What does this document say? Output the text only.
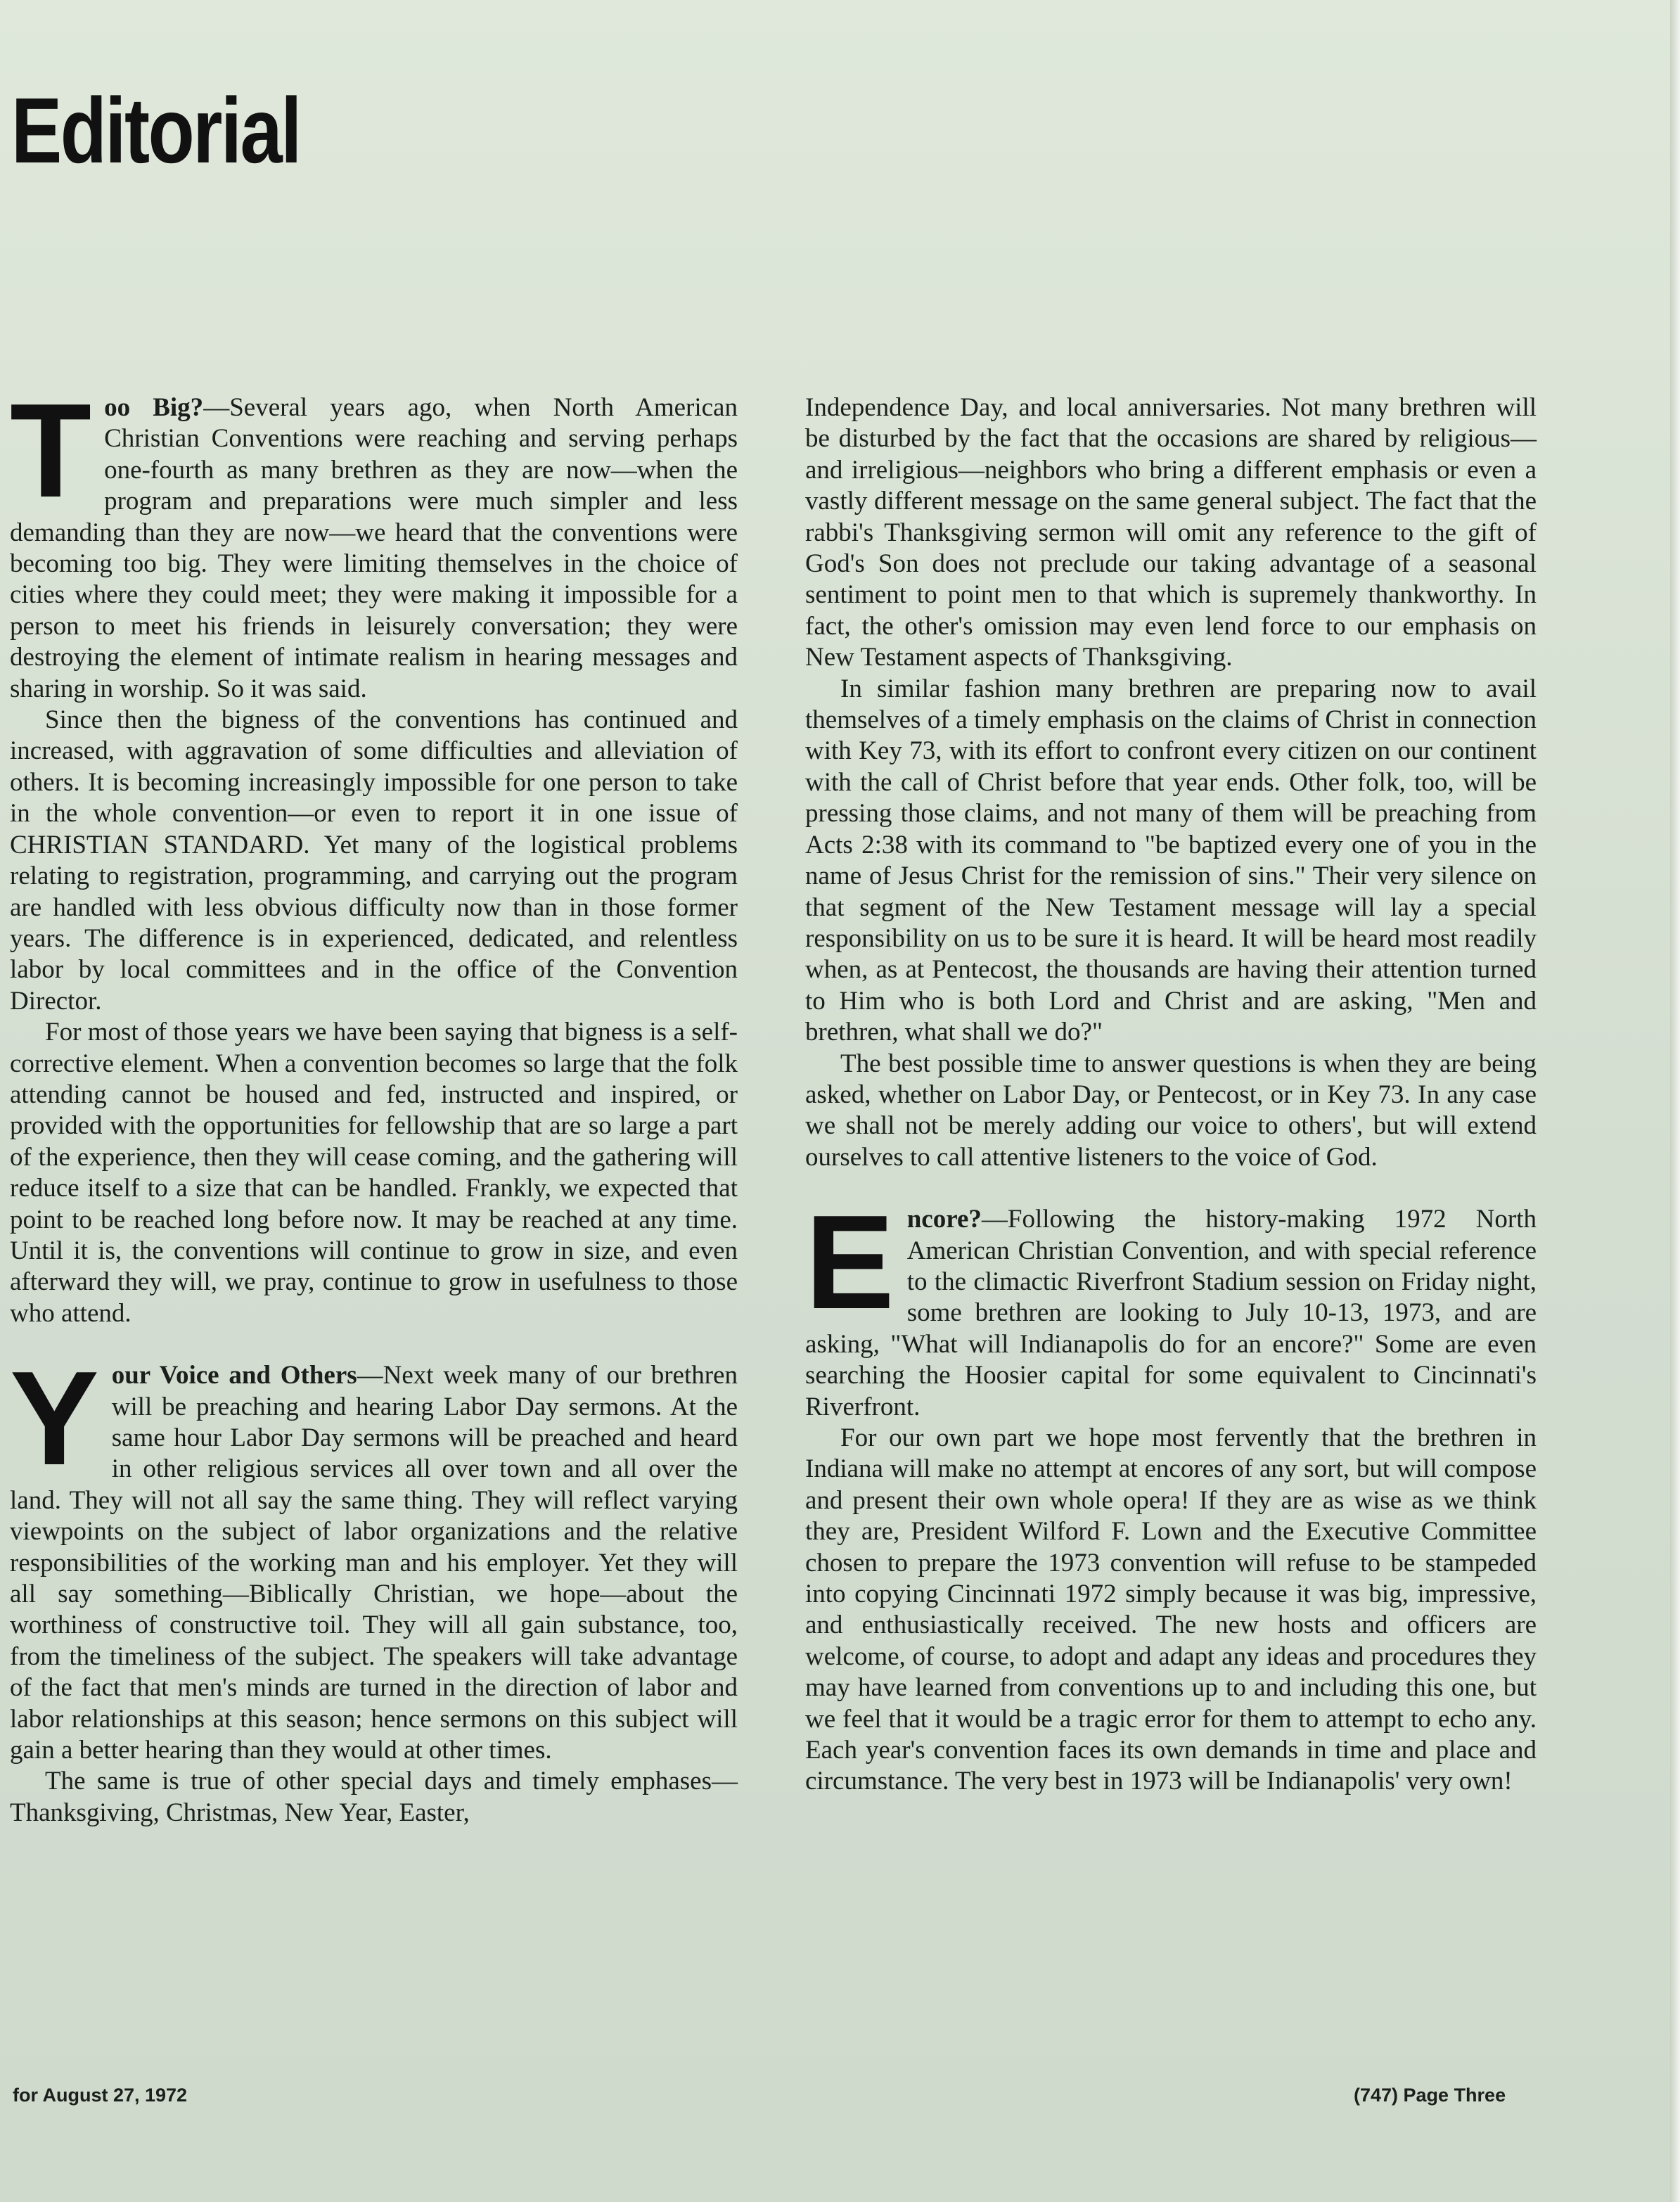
Editorial

Too Big?—Several years ago, when North American Christian Conventions were reaching and serving perhaps one-fourth as many brethren as they are now—when the program and preparations were much simpler and less demanding than they are now—we heard that the conventions were becoming too big. They were limiting themselves in the choice of cities where they could meet; they were making it impossible for a person to meet his friends in leisurely conversation; they were destroying the element of intimate realism in hearing messages and sharing in worship. So it was said.

Since then the bigness of the conventions has continued and increased, with aggravation of some difficulties and alleviation of others. It is becoming increasingly impossible for one person to take in the whole convention—or even to report it in one issue of CHRISTIAN STANDARD. Yet many of the logistical problems relating to registration, programming, and carrying out the program are handled with less obvious difficulty now than in those former years. The difference is in experienced, dedicated, and relentless labor by local committees and in the office of the Convention Director.

For most of those years we have been saying that bigness is a self-corrective element. When a convention becomes so large that the folk attending cannot be housed and fed, instructed and inspired, or provided with the opportunities for fellowship that are so large a part of the experience, then they will cease coming, and the gathering will reduce itself to a size that can be handled. Frankly, we expected that point to be reached long before now. It may be reached at any time. Until it is, the conventions will continue to grow in size, and even afterward they will, we pray, continue to grow in usefulness to those who attend.

Your Voice and Others—Next week many of our brethren will be preaching and hearing Labor Day sermons. At the same hour Labor Day sermons will be preached and heard in other religious services all over town and all over the land. They will not all say the same thing. They will reflect varying viewpoints on the subject of labor organizations and the relative responsibilities of the working man and his employer. Yet they will all say something—Biblically Christian, we hope—about the worthiness of constructive toil. They will all gain substance, too, from the timeliness of the subject. The speakers will take advantage of the fact that men's minds are turned in the direction of labor and labor relationships at this season; hence sermons on this subject will gain a better hearing than they would at other times.

The same is true of other special days and timely emphases—Thanksgiving, Christmas, New Year, Easter,

Independence Day, and local anniversaries. Not many brethren will be disturbed by the fact that the occasions are shared by religious—and irreligious—neighbors who bring a different emphasis or even a vastly different message on the same general subject. The fact that the rabbi's Thanksgiving sermon will omit any reference to the gift of God's Son does not preclude our taking advantage of a seasonal sentiment to point men to that which is supremely thankworthy. In fact, the other's omission may even lend force to our emphasis on New Testament aspects of Thanksgiving.

In similar fashion many brethren are preparing now to avail themselves of a timely emphasis on the claims of Christ in connection with Key 73, with its effort to confront every citizen on our continent with the call of Christ before that year ends. Other folk, too, will be pressing those claims, and not many of them will be preaching from Acts 2:38 with its command to "be baptized every one of you in the name of Jesus Christ for the remission of sins." Their very silence on that segment of the New Testament message will lay a special responsibility on us to be sure it is heard. It will be heard most readily when, as at Pentecost, the thousands are having their attention turned to Him who is both Lord and Christ and are asking, "Men and brethren, what shall we do?"

The best possible time to answer questions is when they are being asked, whether on Labor Day, or Pentecost, or in Key 73. In any case we shall not be merely adding our voice to others', but will extend ourselves to call attentive listeners to the voice of God.

Encore?—Following the history-making 1972 North American Christian Convention, and with special reference to the climactic Riverfront Stadium session on Friday night, some brethren are looking to July 10-13, 1973, and are asking, "What will Indianapolis do for an encore?" Some are even searching the Hoosier capital for some equivalent to Cincinnati's Riverfront.

For our own part we hope most fervently that the brethren in Indiana will make no attempt at encores of any sort, but will compose and present their own whole opera! If they are as wise as we think they are, President Wilford F. Lown and the Executive Committee chosen to prepare the 1973 convention will refuse to be stampeded into copying Cincinnati 1972 simply because it was big, impressive, and enthusiastically received. The new hosts and officers are welcome, of course, to adopt and adapt any ideas and procedures they may have learned from conventions up to and including this one, but we feel that it would be a tragic error for them to attempt to echo any. Each year's convention faces its own demands in time and place and circumstance. The very best in 1973 will be Indianapolis' very own!

for August 27, 1972	(747) Page Three
